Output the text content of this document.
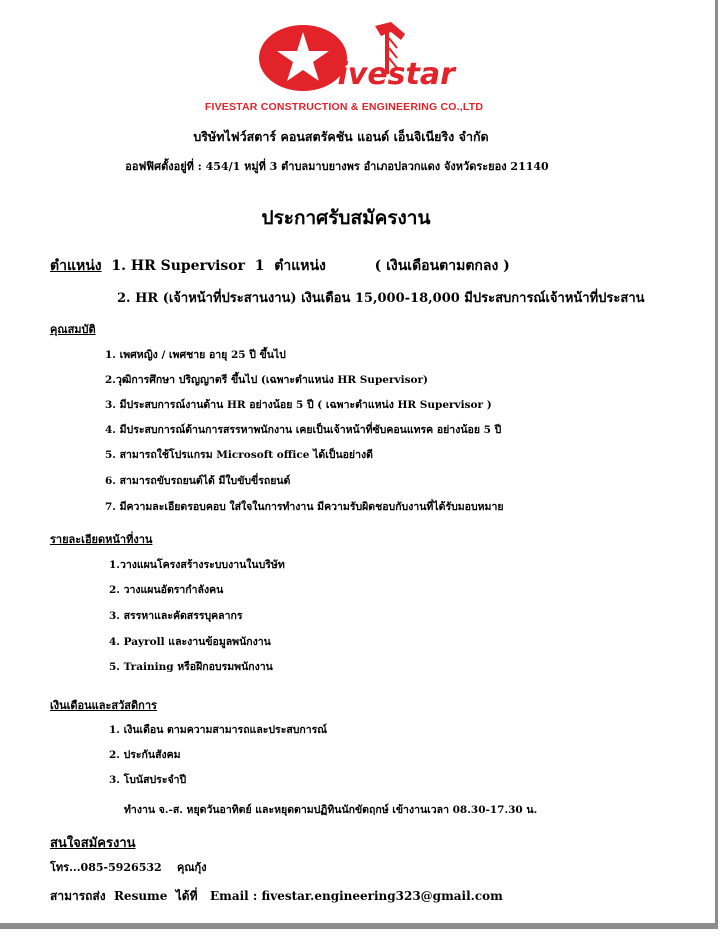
Fivestar
FIVESTAR CONSTRUCTION & ENGINEERING CO.,LTD
บริษัทไฟว์สตาร์ คอนสตรัคชัน แอนด์ เอ็นจิเนียริง จำกัด
ออฟฟิศตั้งอยู่ที่ : 454/1 หมู่ที่ 3 ตำบลมาบยางพร อำเภอปลวกแดง จังหวัดระยอง 21140
ประกาศรับสมัครงาน
ตำแหน่ง  1. HR Supervisor  1  ตำแหน่ง          ( เงินเดือนตามตกลง )
2. HR (เจ้าหน้าที่ประสานงาน) เงินเดือน 15,000-18,000 มีประสบการณ์เจ้าหน้าที่ประสาน
คุณสมบัติ
1. เพศหญิง / เพศชาย อายุ 25 ปี ขึ้นไป
2.วุฒิการศึกษา ปริญญาตรี ขึ้นไป (เฉพาะตำแหน่ง HR Supervisor)
3. มีประสบการณ์งานด้าน HR อย่างน้อย 5 ปี ( เฉพาะตำแหน่ง HR Supervisor )
4. มีประสบการณ์ด้านการสรรหาพนักงาน เคยเป็นเจ้าหน้าที่ซับคอนแทรค อย่างน้อย 5 ปี
5. สามารถใช้โปรแกรม Microsoft office ได้เป็นอย่างดี
6. สามารถขับรถยนต์ได้ มีใบขับขี่รถยนต์
7. มีความละเอียดรอบคอบ ใส่ใจในการทำงาน มีความรับผิดชอบกับงานที่ได้รับมอบหมาย
รายละเอียดหน้าที่งาน
1.วางแผนโครงสร้างระบบงานในบริษัท
2. วางแผนอัตรากำลังคน
3. สรรหาและคัดสรรบุคลากร
4. Payroll และงานข้อมูลพนักงาน
5. Training หรือฝึกอบรมพนักงาน
เงินเดือนและสวัสดิการ
1. เงินเดือน ตามความสามารถและประสบการณ์
2. ประกันสังคม
3. โบนัสประจำปี
ทำงาน จ.-ส. หยุดวันอาทิตย์ และหยุดตามปฏิทินนักขัตฤกษ์ เข้างานเวลา 08.30-17.30 น.
สนใจสมัครงาน
โทร...085-5926532    คุณกุ้ง
สามารถส่ง  Resume  ได้ที่   Email : fivestar.engineering323@gmail.com
